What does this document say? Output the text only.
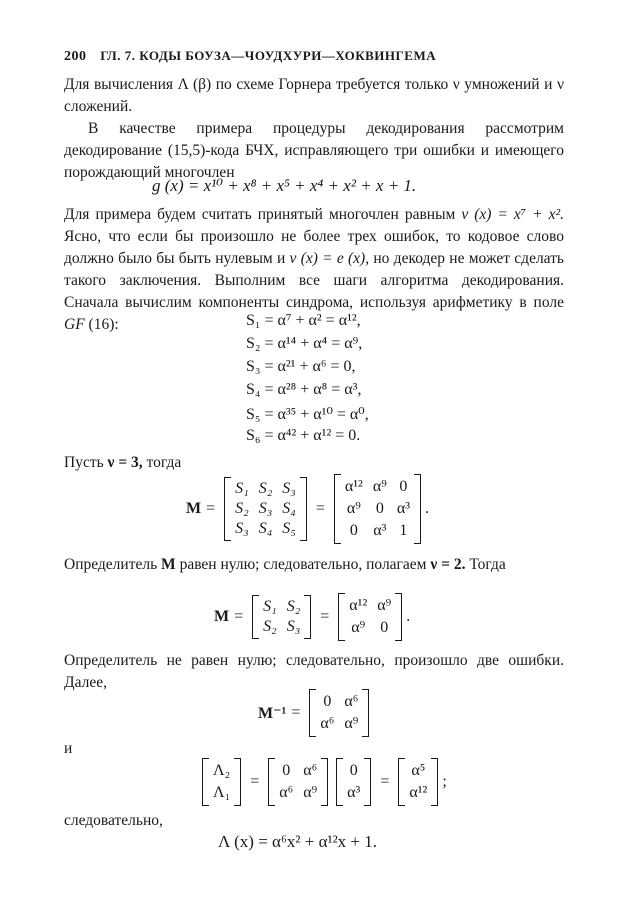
200 ГЛ. 7. КОДЫ БОУЗА—ЧОУДХУРИ—ХОКВИНГЕМА
Для вычисления Λ (β) по схеме Горнера требуется только ν умножений и ν сложений.
В качестве примера процедуры декодирования рассмотрим декодирование (15,5)-кода БЧХ, исправляющего три ошибки и имеющего порождающий многочлен
g (x) = x¹⁰ + x⁸ + x⁵ + x⁴ + x² + x + 1.
Для примера будем считать принятый многочлен равным v (x) = x⁷ + x². Ясно, что если бы произошло не более трех ошибок, то кодовое слово должно было бы быть нулевым и v (x) = e (x), но декодер не может сделать такого заключения. Выполним все шаги алгоритма декодирования. Сначала вычислим компоненты синдрома, используя арифметику в поле GF (16):	S₁ = α⁷ + α² = α¹²,
S₂ = α¹⁴ + α⁴ = α⁹,
S₃ = α²¹ + α⁶ = 0,
S₄ = α²⁸ + α⁸ = α³,
S₅ = α³⁵ + α¹⁰ = α⁰,
S₆ = α⁴² + α¹² = 0.
Пусть ν = 3, тогда
M =
S₁ S₂ S₃
S₂ S₃ S₄
S₃ S₄ S₅
=
α¹² α⁹ 0
α⁹ 0 α³
0 α³ 1
.
Определитель M равен нулю; следовательно, полагаем ν = 2. Тогда
M =
S₁ S₂
S₂ S₃
=
α¹² α⁹
α⁹ 0
.
Определитель не равен нулю; следовательно, произошло две ошибки. Далее,
M⁻¹ =
0 α⁶
α⁶ α⁹
и
Λ₂
Λ₁
=
0 α⁶
α⁶ α⁹
0
α³
=
α⁵
α¹²
;
следовательно,
Λ (x) = α⁶x² + α¹²x + 1.
